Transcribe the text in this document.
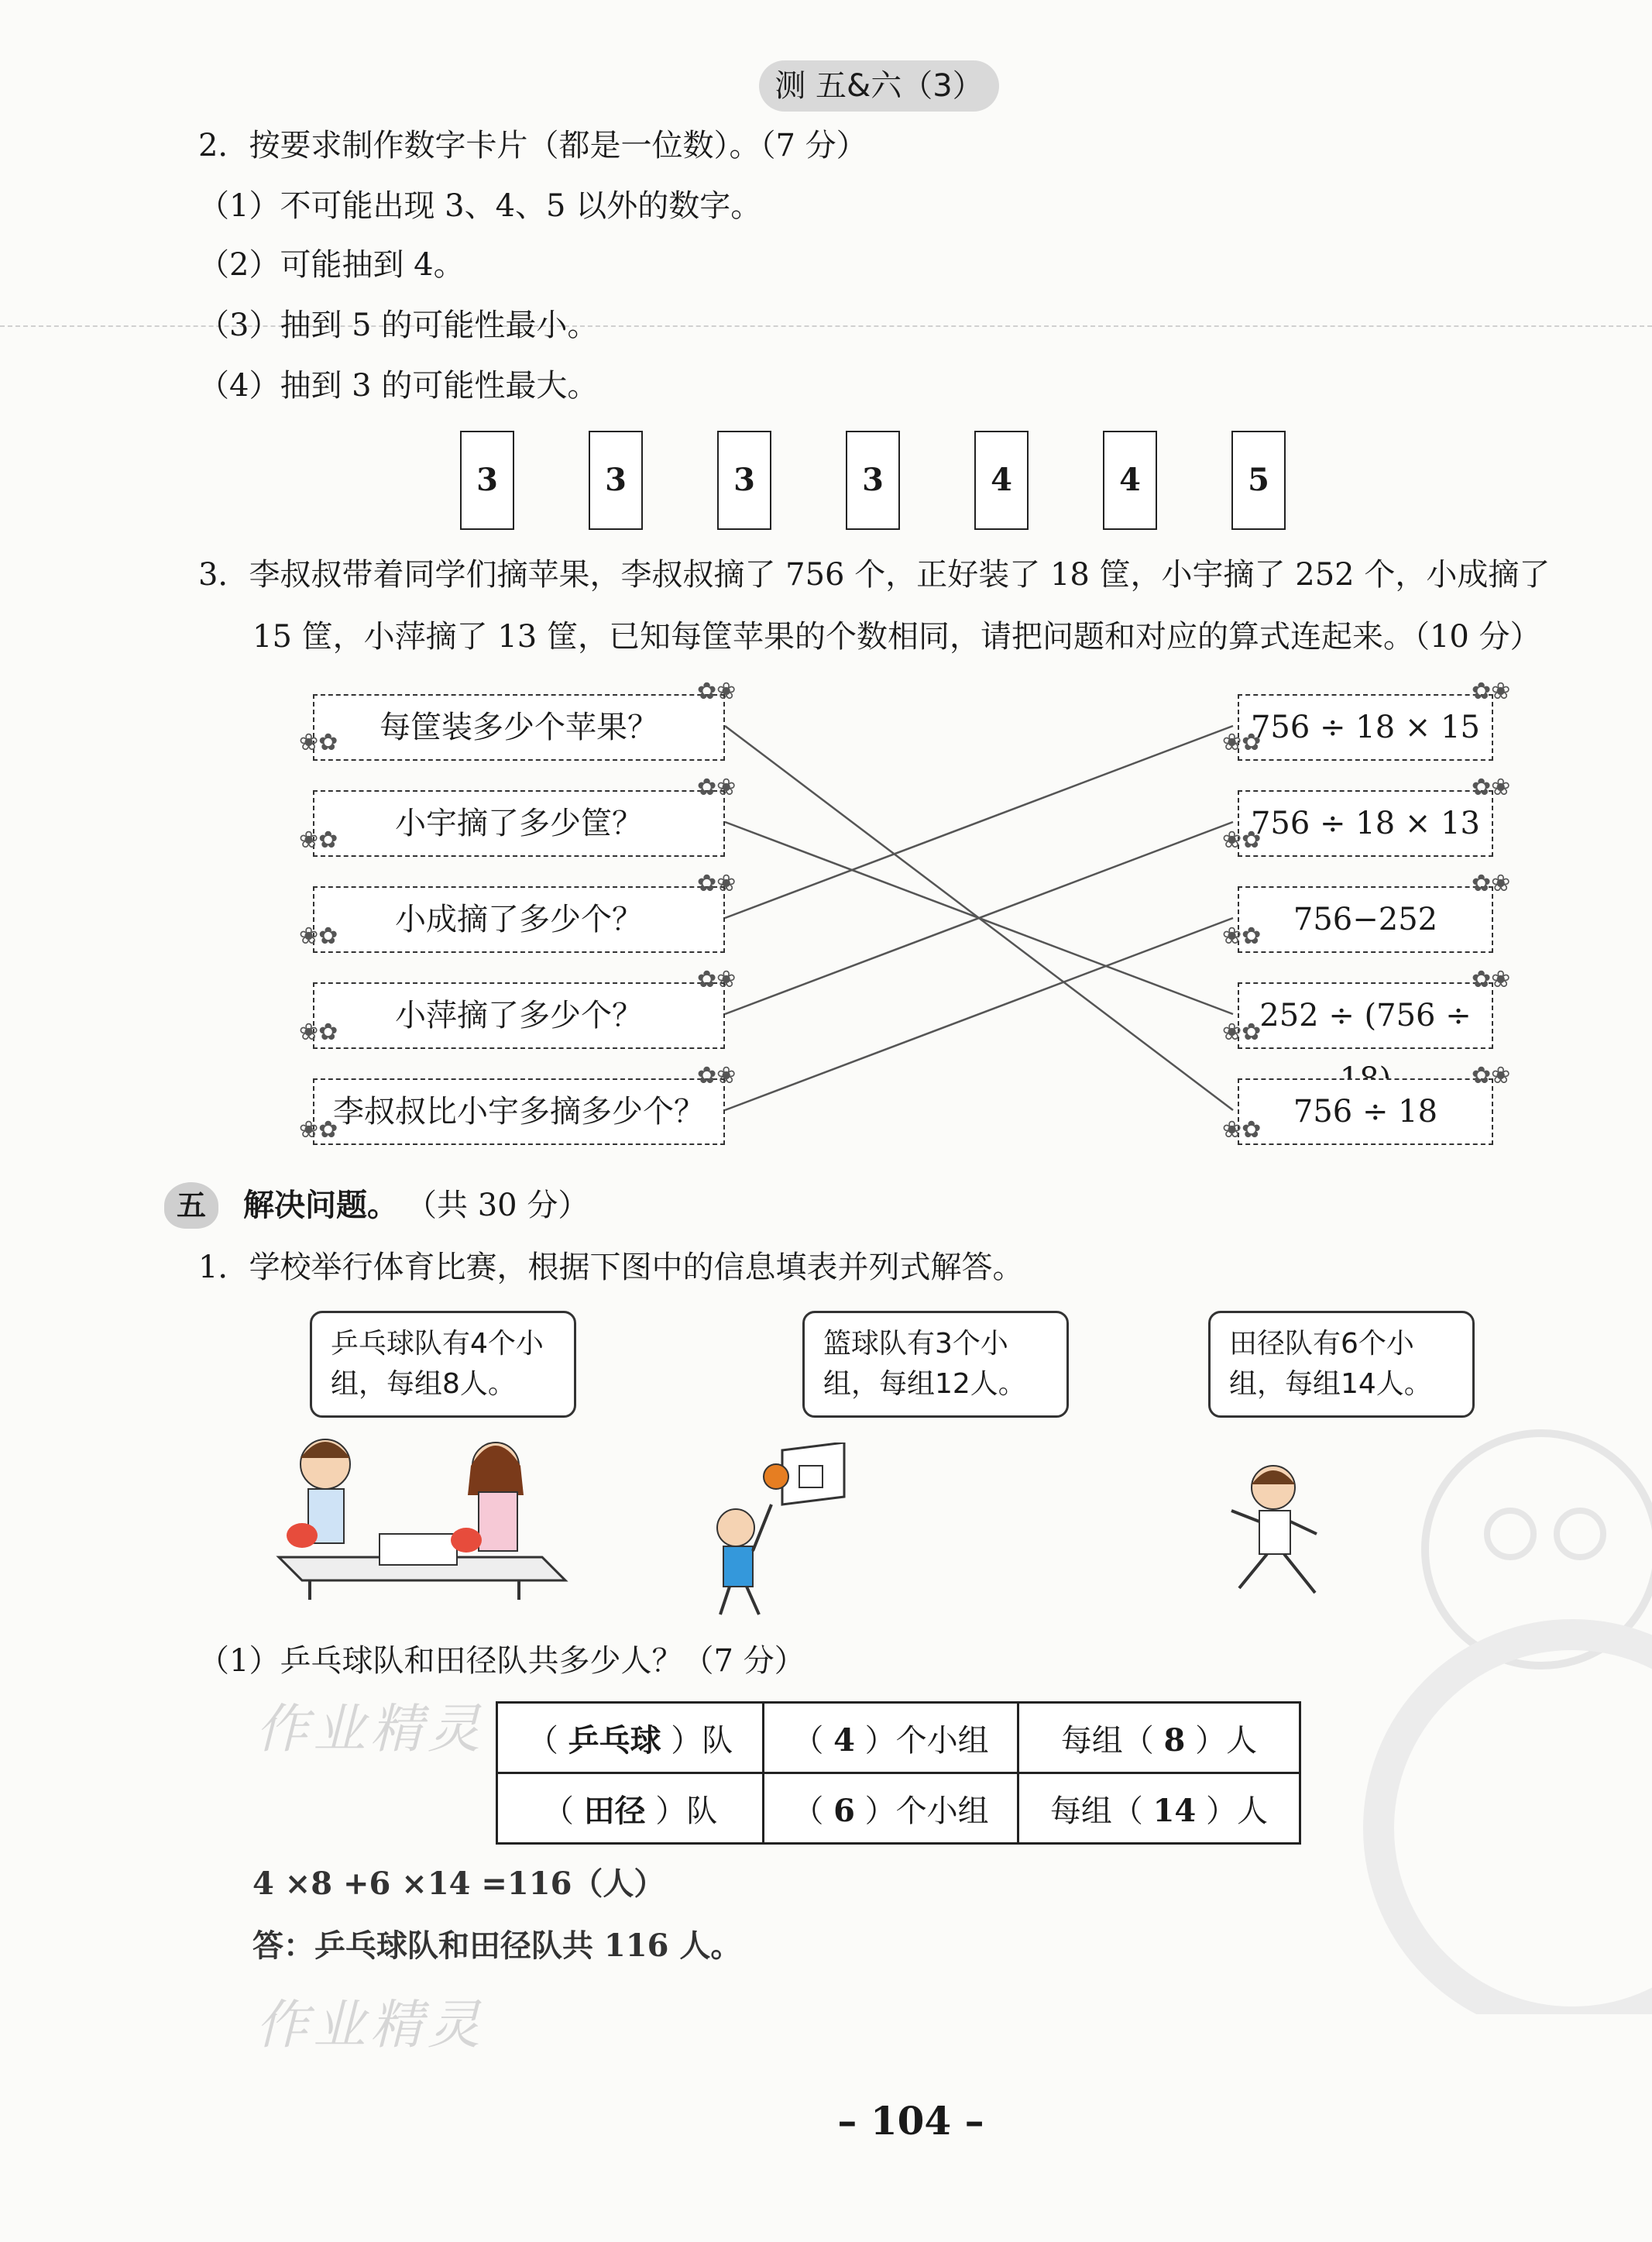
测 五&六（3）
2．按要求制作数字卡片（都是一位数）。（7 分）
（1）不可能出现 3、4、5 以外的数字。
（2）可能抽到 4。
（3）抽到 5 的可能性最小。
（4）抽到 3 的可能性最大。
3	3	3	3	4	4	5
3．李叔叔带着同学们摘苹果，李叔叔摘了 756 个，正好装了 18 筐，小宇摘了 252 个，小成摘了
15 筐，小萍摘了 13 筐，已知每筐苹果的个数相同，请把问题和对应的算式连起来。（10 分）
每筐装多少个苹果？
小宇摘了多少筐？
小成摘了多少个？
小萍摘了多少个？
李叔叔比小宇多摘多少个？
756 ÷ 18 × 15
756 ÷ 18 × 13
756−252
252 ÷ (756 ÷
756 ÷ 18
✿❀
❀✿
✿❀
❀✿
✿❀
❀✿
✿❀
❀✿
✿❀
❀✿
✿❀
❀✿
✿❀
❀✿
✿❀
❀✿
✿❀
❀✿
✿❀
❀✿
五	解决问题。 （共 30 分）
1．学校举行体育比赛，根据下图中的信息填表并列式解答。
乒乓球队有4个小组，每组8人。
篮球队有3个小组，每组12人。
田径队有6个小组，每组14人。
（1）乒乓球队和田径队共多少人？（7 分）
（ 乒乓球 ）队	（ 4 ）个小组	每组（ 8 ）人
（ 田径 ）队	（ 6 ）个小组	每组（ 14 ）人
作业精灵
4 ×8 +6 ×14 =116（人）
答：乒乓球队和田径队共 116 人。
作业精灵
– 104 –
